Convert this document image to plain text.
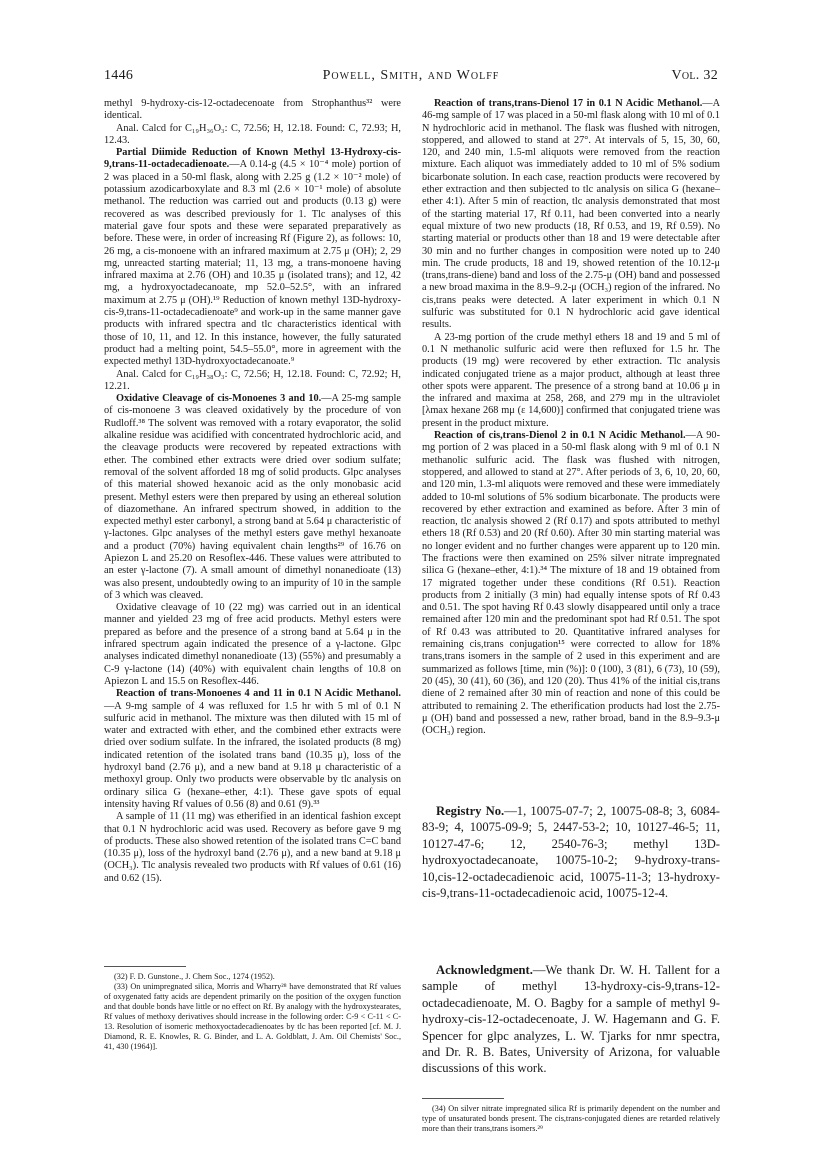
1446	Powell, Smith, and Wolff	Vol. 32

methyl 9-hydroxy-cis-12-octadecenoate from Strophanthus³² were identical.

Anal. Calcd for C₁₉H₃₆O₃: C, 72.56; H, 12.18. Found: C, 72.93; H, 12.43.

Partial Diimide Reduction of Known Methyl 13-Hydroxy-cis-9,trans-11-octadecadienoate.—A 0.14-g (4.5 × 10⁻⁴ mole) portion of 2 was placed in a 50-ml flask, along with 2.25 g (1.2 × 10⁻² mole) of potassium azodicarboxylate and 8.3 ml (2.6 × 10⁻¹ mole) of absolute methanol. The reduction was carried out and products (0.13 g) were recovered as was described previously for 1. Tlc analyses of this material gave four spots and these were separated preparatively as before. These were, in order of increasing Rf (Figure 2), as follows: 10, 26 mg, a cis-monoene with an infrared maximum at 2.75 μ (OH); 2, 29 mg, unreacted starting material; 11, 13 mg, a trans-monoene having infrared maxima at 2.76 (OH) and 10.35 μ (isolated trans); and 12, 42 mg, a hydroxyoctadecanoate, mp 52.0–52.5°, with an infrared maximum at 2.75 μ (OH).¹⁹ Reduction of known methyl 13D-hydroxy-cis-9,trans-11-octadecadienoate⁹ and work-up in the same manner gave products with infrared spectra and tlc characteristics identical with those of 10, 11, and 12. In this instance, however, the fully saturated product had a melting point, 54.5–55.0°, more in agreement with the expected methyl 13D-hydroxyoctadecanoate.⁹

Anal. Calcd for C₁₉H₃₈O₃: C, 72.56; H, 12.18. Found: C, 72.92; H, 12.21.

Oxidative Cleavage of cis-Monoenes 3 and 10.—A 25-mg sample of cis-monoene 3 was cleaved oxidatively by the procedure of von Rudloff.³⁸ The solvent was removed with a rotary evaporator, the solid alkaline residue was acidified with concentrated hydrochloric acid, and the cleavage products were recovered by repeated extractions with ether. The combined ether extracts were dried over sodium sulfate; removal of the solvent afforded 18 mg of solid products. Glpc analyses of this material showed hexanoic acid as the only monobasic acid present. Methyl esters were then prepared by using an ethereal solution of diazomethane. An infrared spectrum showed, in addition to the expected methyl ester carbonyl, a strong band at 5.64 μ characteristic of γ-lactones. Glpc analyses of the methyl esters gave methyl hexanoate and a product (70%) having equivalent chain lengths²⁹ of 16.76 on Apiezon L and 25.20 on Resoflex-446. These values were attributed to an ester γ-lactone (7). A small amount of dimethyl nonanedioate (13) was also present, undoubtedly owing to an impurity of 10 in the sample of 3 which was cleaved.

Oxidative cleavage of 10 (22 mg) was carried out in an identical manner and yielded 23 mg of free acid products. Methyl esters were prepared as before and the presence of a strong band at 5.64 μ in the infrared spectrum again indicated the presence of a γ-lactone. Glpc analyses indicated dimethyl nonanedioate (13) (55%) and presumably a C-9 γ-lactone (14) (40%) with equivalent chain lengths of 10.8 on Apiezon L and 15.5 on Resoflex-446.

Reaction of trans-Monoenes 4 and 11 in 0.1 N Acidic Methanol.—A 9-mg sample of 4 was refluxed for 1.5 hr with 5 ml of 0.1 N sulfuric acid in methanol. The mixture was then diluted with 15 ml of water and extracted with ether, and the combined ether extracts were dried over sodium sulfate. In the infrared, the isolated products (8 mg) indicated retention of the isolated trans band (10.35 μ), loss of the hydroxyl band (2.76 μ), and a new band at 9.18 μ characteristic of a methoxyl group. Only two products were observable by tlc analysis on ordinary silica G (hexane–ether, 4:1). These gave spots of equal intensity having Rf values of 0.56 (8) and 0.61 (9).³³

A sample of 11 (11 mg) was etherified in an identical fashion except that 0.1 N hydrochloric acid was used. Recovery as before gave 9 mg of products. These also showed retention of the isolated trans C=C band (10.35 μ), loss of the hydroxyl band (2.76 μ), and a new band at 9.18 μ (OCH₃). Tlc analysis revealed two products with Rf values of 0.61 (16) and 0.62 (15).

(32) F. D. Gunstone., J. Chem Soc., 1274 (1952).

(33) On unimpregnated silica, Morris and Wharry²⁸ have demonstrated that Rf values of oxygenated fatty acids are dependent primarily on the position of the oxygen function and that double bonds have little or no effect on Rf. By analogy with the hydroxystearates, Rf values of methoxy derivatives should increase in the following order: C-9 < C-11 < C-13. Resolution of isomeric methoxyoctadecadienoates by tlc has been reported [cf. M. J. Diamond, R. E. Knowles, R. G. Binder, and L. A. Goldblatt, J. Am. Oil Chemists' Soc., 41, 430 (1964)].

Reaction of trans,trans-Dienol 17 in 0.1 N Acidic Methanol.—A 46-mg sample of 17 was placed in a 50-ml flask along with 10 ml of 0.1 N hydrochloric acid in methanol. The flask was flushed with nitrogen, stoppered, and allowed to stand at 27°. At intervals of 5, 15, 30, 60, 120, and 240 min, 1.5-ml aliquots were removed from the reaction mixture. Each aliquot was immediately added to 10 ml of 5% sodium bicarbonate solution. In each case, reaction products were recovered by ether extraction and then subjected to tlc analysis on silica G (hexane–ether 4:1). After 5 min of reaction, tlc analysis demonstrated that most of the starting material 17, Rf 0.11, had been converted into a nearly equal mixture of two new products (18, Rf 0.53, and 19, Rf 0.59). No starting material or products other than 18 and 19 were detectable after 30 min and no further changes in composition were noted up to 240 min. The crude products, 18 and 19, showed retention of the 10.12-μ (trans,trans-diene) band and loss of the 2.75-μ (OH) band and possessed a new broad maxima in the 8.9–9.2-μ (OCH₃) region of the infrared. No cis,trans peaks were detected. A later experiment in which 0.1 N sulfuric was substituted for 0.1 N hydrochloric acid gave identical results.

A 23-mg portion of the crude methyl ethers 18 and 19 and 5 ml of 0.1 N methanolic sulfuric acid were then refluxed for 1.5 hr. The products (19 mg) were recovered by ether extraction. Tlc analysis indicated conjugated triene as a major product, although at least three other spots were apparent. The presence of a strong band at 10.06 μ in the infrared and maxima at 258, 268, and 279 mμ in the ultraviolet [λmax hexane 268 mμ (ε 14,600)] confirmed that conjugated triene was present in the product mixture.

Reaction of cis,trans-Dienol 2 in 0.1 N Acidic Methanol.—A 90-mg portion of 2 was placed in a 50-ml flask along with 9 ml of 0.1 N methanolic sulfuric acid. The flask was flushed with nitrogen, stoppered, and allowed to stand at 27°. After periods of 3, 6, 10, 20, 60, and 120 min, 1.3-ml aliquots were removed and these were immediately added to 10-ml solutions of 5% sodium bicarbonate. The products were recovered by ether extraction and examined as before. After 3 min of reaction, tlc analysis showed 2 (Rf 0.17) and spots attributed to methyl ethers 18 (Rf 0.53) and 20 (Rf 0.60). After 30 min starting material was no longer evident and no further changes were apparent up to 120 min. The fractions were then examined on 25% silver nitrate impregnated silica G (hexane–ether, 4:1).³⁴ The mixture of 18 and 19 obtained from 17 migrated together under these conditions (Rf 0.51). Reaction products from 2 initially (3 min) had equally intense spots of Rf 0.43 and 0.51. The spot having Rf 0.43 slowly disappeared until only a trace remained after 120 min and the predominant spot had Rf 0.51. The spot of Rf 0.43 was attributed to 20. Quantitative infrared analyses for remaining cis,trans conjugation¹⁵ were corrected to allow for 18% trans,trans isomers in the sample of 2 used in this experiment and are summarized as follows [time, min (%)]: 0 (100), 3 (81), 6 (73), 10 (59), 20 (45), 30 (41), 60 (36), and 120 (20). Thus 41% of the initial cis,trans diene of 2 remained after 30 min of reaction and none of this could be attributed to remaining 2. The etherification products had lost the 2.75-μ (OH) band and possessed a new, rather broad, band in the 8.9–9.3-μ (OCH₃) region.

Registry No.—1, 10075-07-7; 2, 10075-08-8; 3, 6084-83-9; 4, 10075-09-9; 5, 2447-53-2; 10, 10127-46-5; 11, 10127-47-6; 12, 2540-76-3; methyl 13D-hydroxyoctadecanoate, 10075-10-2; 9-hydroxy-trans-10,cis-12-octadecadienoic acid, 10075-11-3; 13-hydroxy-cis-9,trans-11-octadecadienoic acid, 10075-12-4.

Acknowledgment.—We thank Dr. W. H. Tallent for a sample of methyl 13-hydroxy-cis-9,trans-12-octadecadienoate, M. O. Bagby for a sample of methyl 9-hydroxy-cis-12-octadecenoate, J. W. Hagemann and G. F. Spencer for glpc analyzes, L. W. Tjarks for nmr spectra, and Dr. R. B. Bates, University of Arizona, for valuable discussions of this work.

(34) On silver nitrate impregnated silica Rf is primarily dependent on the number and type of unsaturated bonds present. The cis,trans-conjugated dienes are retarded relatively more than their trans,trans isomers.²⁹
